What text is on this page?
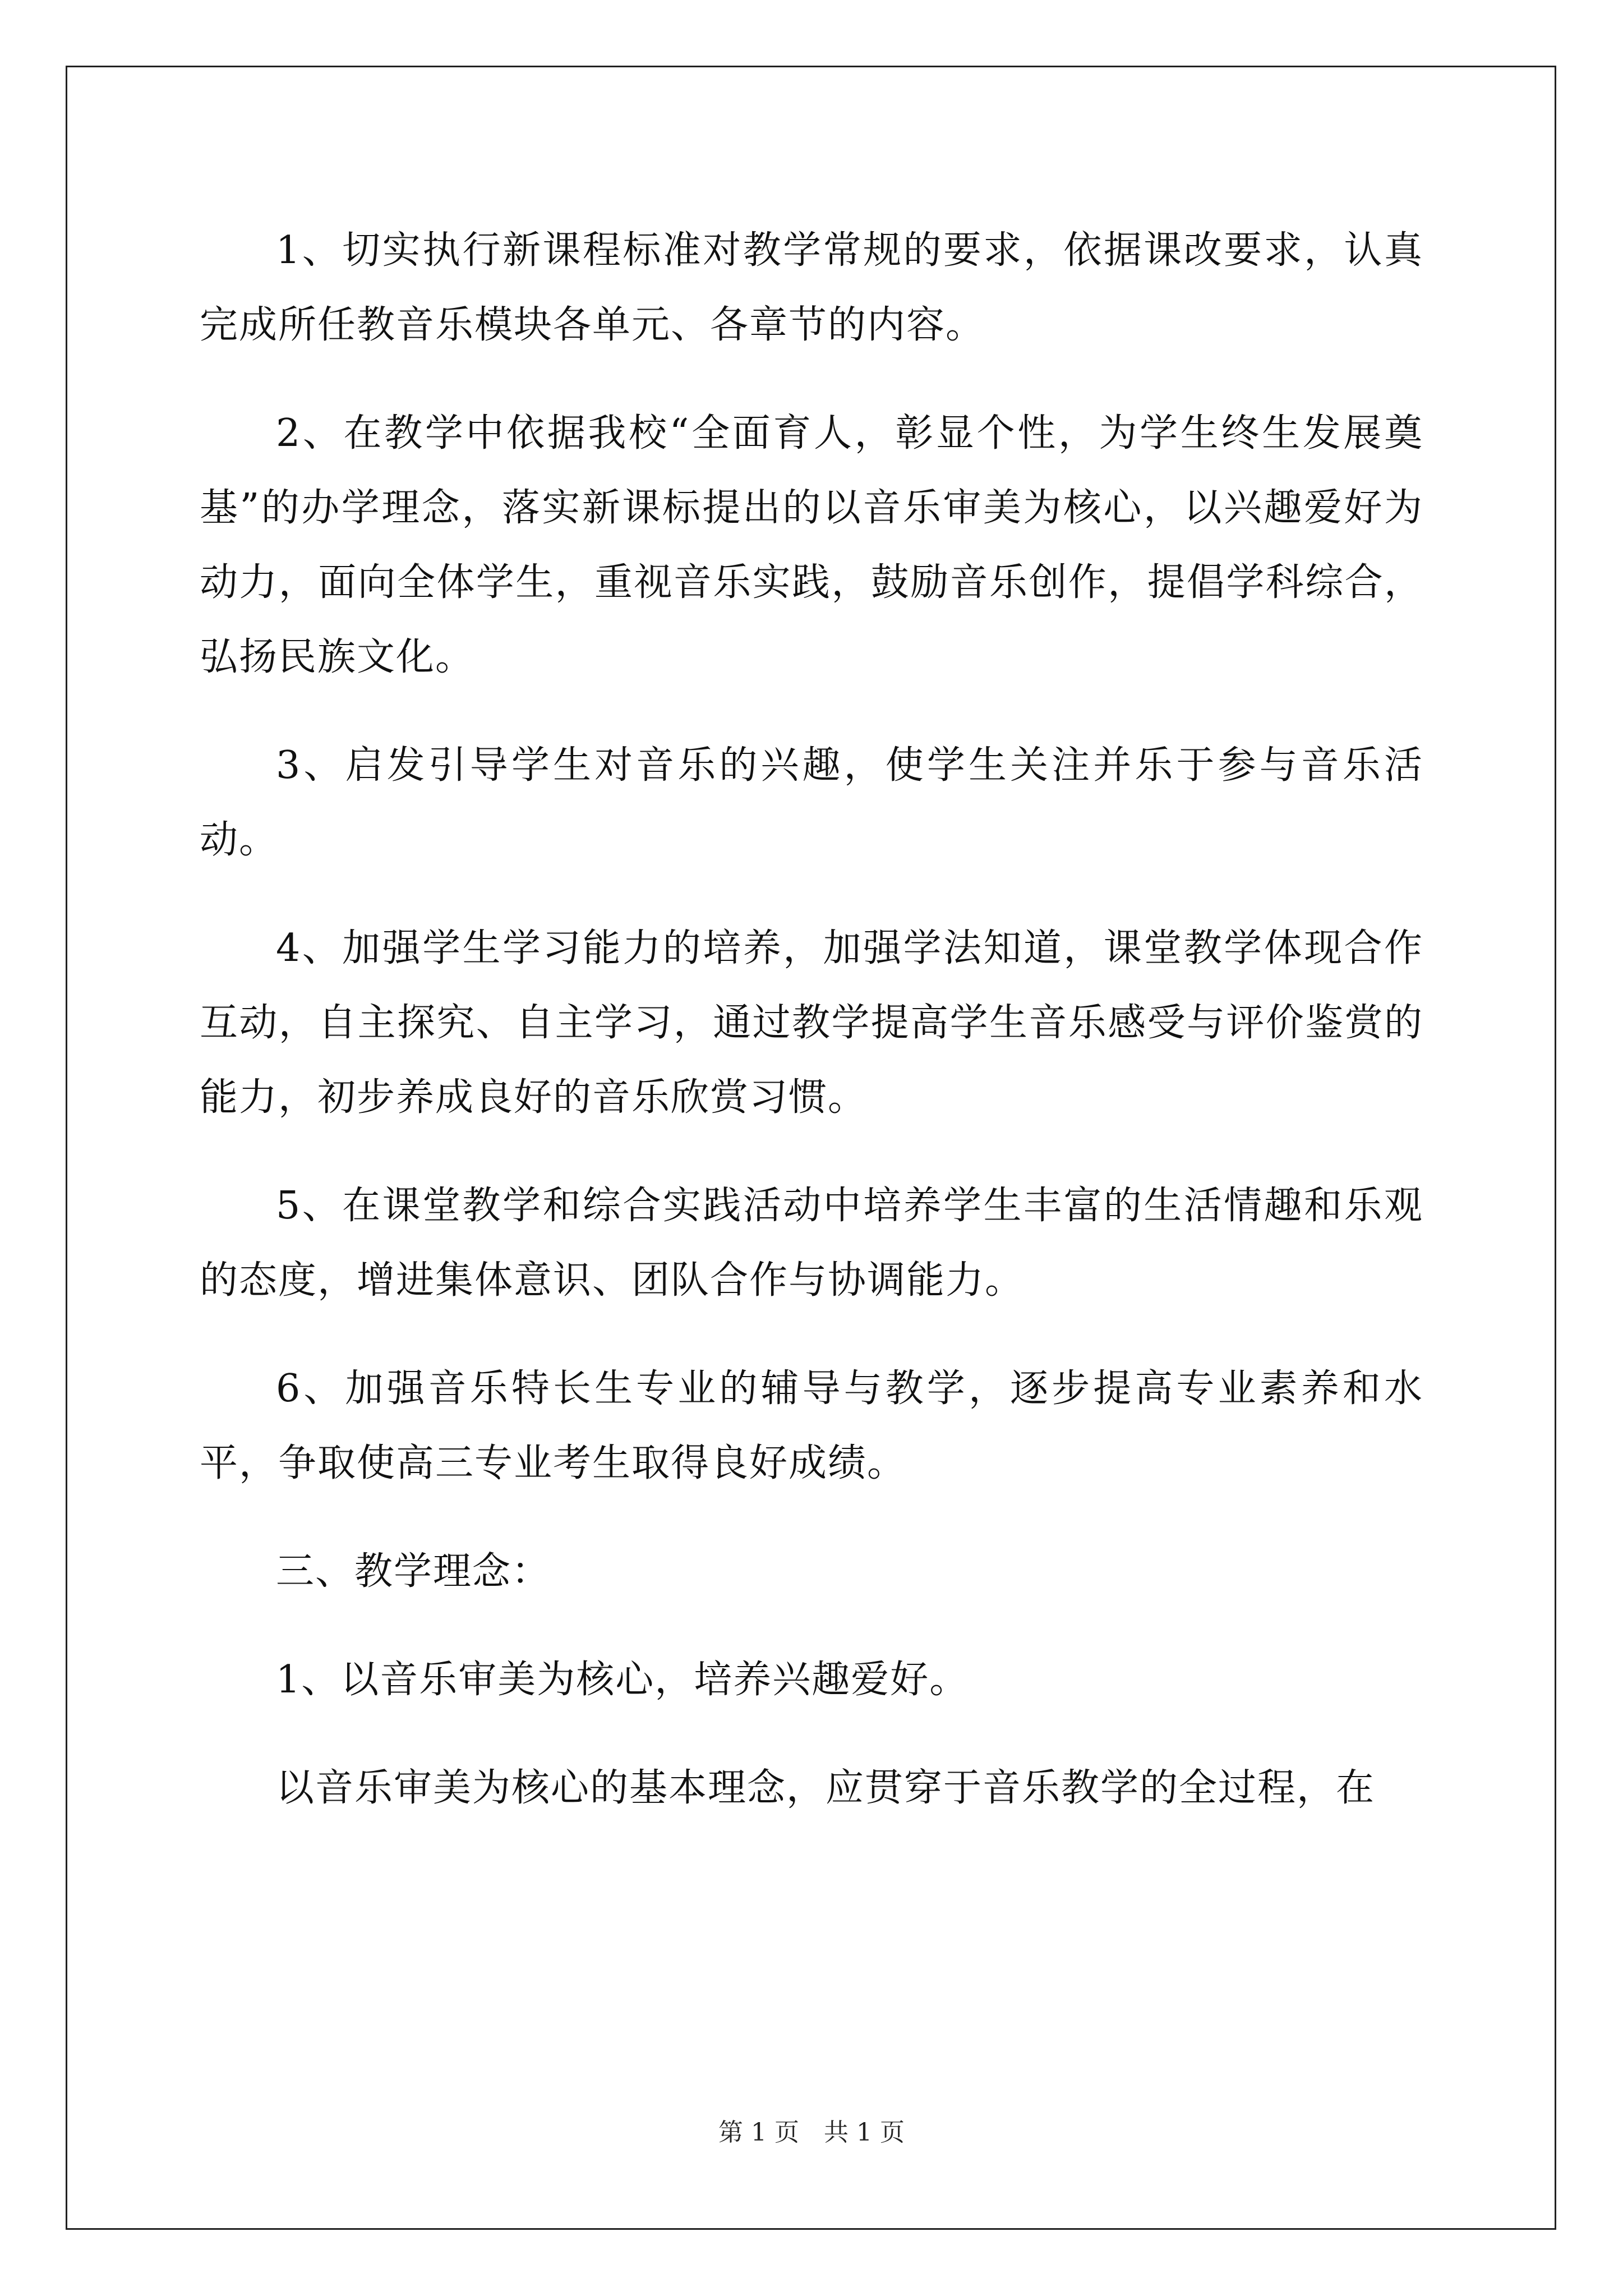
1、切实执行新课程标准对教学常规的要求，依据课改要求，认真完成所任教音乐模块各单元、各章节的内容。

2、在教学中依据我校“全面育人，彰显个性，为学生终生发展奠基”的办学理念，落实新课标提出的以音乐审美为核心，以兴趣爱好为动力，面向全体学生，重视音乐实践，鼓励音乐创作，提倡学科综合，弘扬民族文化。

3、启发引导学生对音乐的兴趣，使学生关注并乐于参与音乐活动。

4、加强学生学习能力的培养，加强学法知道，课堂教学体现合作互动，自主探究、自主学习，通过教学提高学生音乐感受与评价鉴赏的能力，初步养成良好的音乐欣赏习惯。

5、在课堂教学和综合实践活动中培养学生丰富的生活情趣和乐观的态度，增进集体意识、团队合作与协调能力。

6、加强音乐特长生专业的辅导与教学，逐步提高专业素养和水平，争取使高三专业考生取得良好成绩。

三、教学理念：

1、以音乐审美为核心，培养兴趣爱好。

以音乐审美为核心的基本理念，应贯穿于音乐教学的全过程，在

第 1 页　共 1 页
